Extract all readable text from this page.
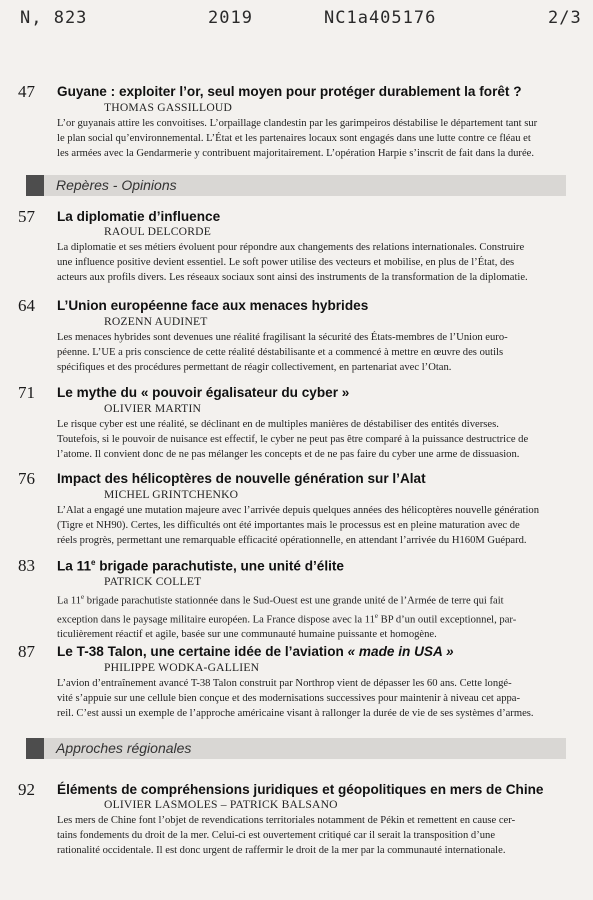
N, 823	2019	NC1a405176	2/3
47 Guyane : exploiter l’or, seul moyen pour protéger durablement la forêt ?
THOMAS GASSILLOUD
L’or guyanais attire les convoitises. L’orpaillage clandestin par les garimpeiros déstabilise le département tant sur
le plan social qu’environnemental. L’État et les partenaires locaux sont engagés dans une lutte contre ce fléau et
les armées avec la Gendarmerie y contribuent majoritairement. L’opération Harpie s’inscrit de fait dans la durée.
Repères - Opinions
57 La diplomatie d’influence
RAOUL DELCORDE
La diplomatie et ses métiers évoluent pour répondre aux changements des relations internationales. Construire
une influence positive devient essentiel. Le soft power utilise des vecteurs et mobilise, en plus de l’État, des
acteurs aux profils divers. Les réseaux sociaux sont ainsi des instruments de la transformation de la diplomatie.
64 L’Union européenne face aux menaces hybrides
ROZENN AUDINET
Les menaces hybrides sont devenues une réalité fragilisant la sécurité des États-membres de l’Union euro-
péenne. L’UE a pris conscience de cette réalité déstabilisante et a commencé à mettre en œuvre des outils
spécifiques et des procédures permettant de réagir collectivement, en partenariat avec l’Otan.
71 Le mythe du « pouvoir égalisateur du cyber »
OLIVIER MARTIN
Le risque cyber est une réalité, se déclinant en de multiples manières de déstabiliser des entités diverses.
Toutefois, si le pouvoir de nuisance est effectif, le cyber ne peut pas être comparé à la puissance destructrice de
l’atome. Il convient donc de ne pas mélanger les concepts et de ne pas faire du cyber une arme de dissuasion.
76 Impact des hélicoptères de nouvelle génération sur l’Alat
MICHEL GRINTCHENKO
L’Alat a engagé une mutation majeure avec l’arrivée depuis quelques années des hélicoptères nouvelle génération
(Tigre et NH90). Certes, les difficultés ont été importantes mais le processus est en pleine maturation avec de
réels progrès, permettant une remarquable efficacité opérationnelle, en attendant l’arrivée du H160M Guépard.
83 La 11e brigade parachutiste, une unité d’élite
PATRICK COLLET
La 11e brigade parachutiste stationnée dans le Sud-Ouest est une grande unité de l’Armée de terre qui fait
exception dans le paysage militaire européen. La France dispose avec la 11e BP d’un outil exceptionnel, par-
ticulièrement réactif et agile, basée sur une communauté humaine puissante et homogène.
87 Le T-38 Talon, une certaine idée de l’aviation « made in USA »
PHILIPPE WODKA-GALLIEN
L’avion d’entraînement avancé T-38 Talon construit par Northrop vient de dépasser les 60 ans. Cette longé-
vité s’appuie sur une cellule bien conçue et des modernisations successives pour maintenir à niveau cet appa-
reil. C’est aussi un exemple de l’approche américaine visant à rallonger la durée de vie de ses systèmes d’armes.
Approches régionales
92 Éléments de compréhensions juridiques et géopolitiques en mers de Chine
OLIVIER LASMOLES – PATRICK BALSANO
Les mers de Chine font l’objet de revendications territoriales notamment de Pékin et remettent en cause cer-
tains fondements du droit de la mer. Celui-ci est ouvertement critiqué car il serait la transposition d’une
rationalité occidentale. Il est donc urgent de raffermir le droit de la mer par la communauté internationale.
